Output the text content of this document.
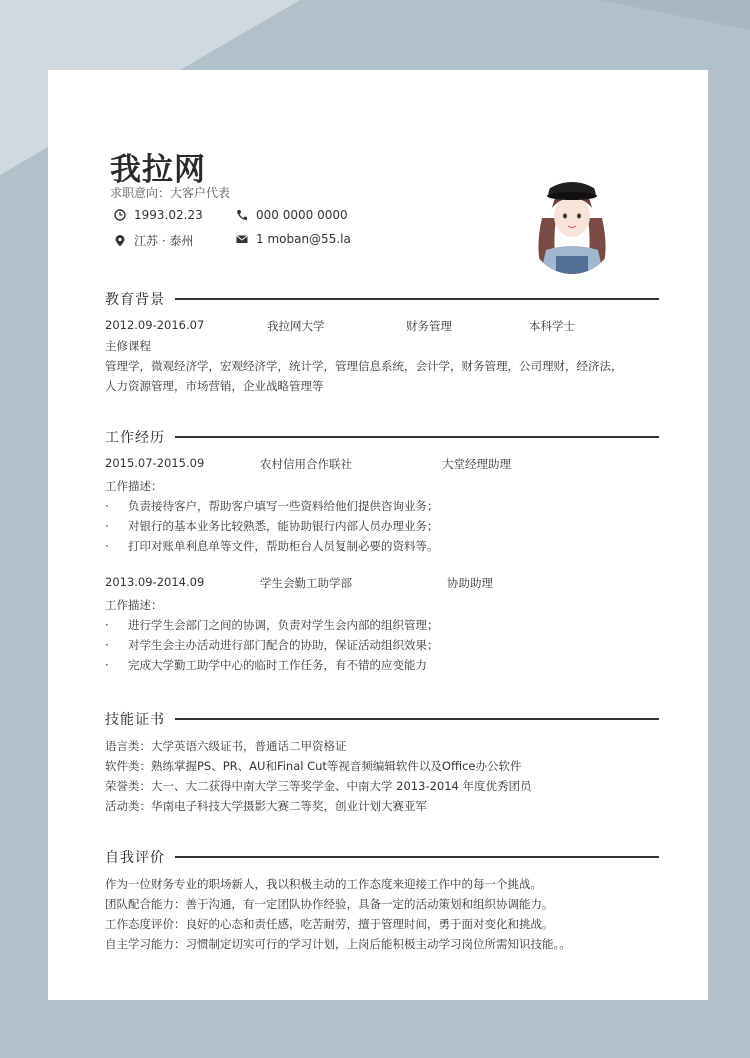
我拉网
求职意向：大客户代表
1993.02.23	000 0000 0000
江苏 · 泰州	1 moban@55.la
教育背景
2012.09-2016.07	我拉网大学	财务管理	本科学士
主修课程
管理学，微观经济学，宏观经济学，统计学，管理信息系统，会计学，财务管理，公司理财，经济法，
人力资源管理，市场营销，企业战略管理等
工作经历
2015.07-2015.09	农村信用合作联社	大堂经理助理
工作描述：
· 负责接待客户，帮助客户填写一些资料给他们提供咨询业务；
· 对银行的基本业务比较熟悉，能协助银行内部人员办理业务；
· 打印对账单利息单等文件，帮助柜台人员复制必要的资料等。
2013.09-2014.09	学生会勤工助学部	协助助理
工作描述：
· 进行学生会部门之间的协调，负责对学生会内部的组织管理；
· 对学生会主办活动进行部门配合的协助，保证活动组织效果；
· 完成大学勤工助学中心的临时工作任务，有不错的应变能力
技能证书
语言类：大学英语六级证书，普通话二甲资格证
软件类：熟练掌握PS、PR、AU和Final Cut等视音频编辑软件以及Office办公软件
荣誉类：大一、大二获得中南大学三等奖学金、中南大学 2013-2014 年度优秀团员
活动类：华南电子科技大学摄影大赛二等奖，创业计划大赛亚军
自我评价
作为一位财务专业的职场新人，我以积极主动的工作态度来迎接工作中的每一个挑战。
团队配合能力：善于沟通，有一定团队协作经验，具备一定的活动策划和组织协调能力。
工作态度评价：良好的心态和责任感，吃苦耐劳，擅于管理时间，勇于面对变化和挑战。
自主学习能力：习惯制定切实可行的学习计划，上岗后能积极主动学习岗位所需知识技能。。
